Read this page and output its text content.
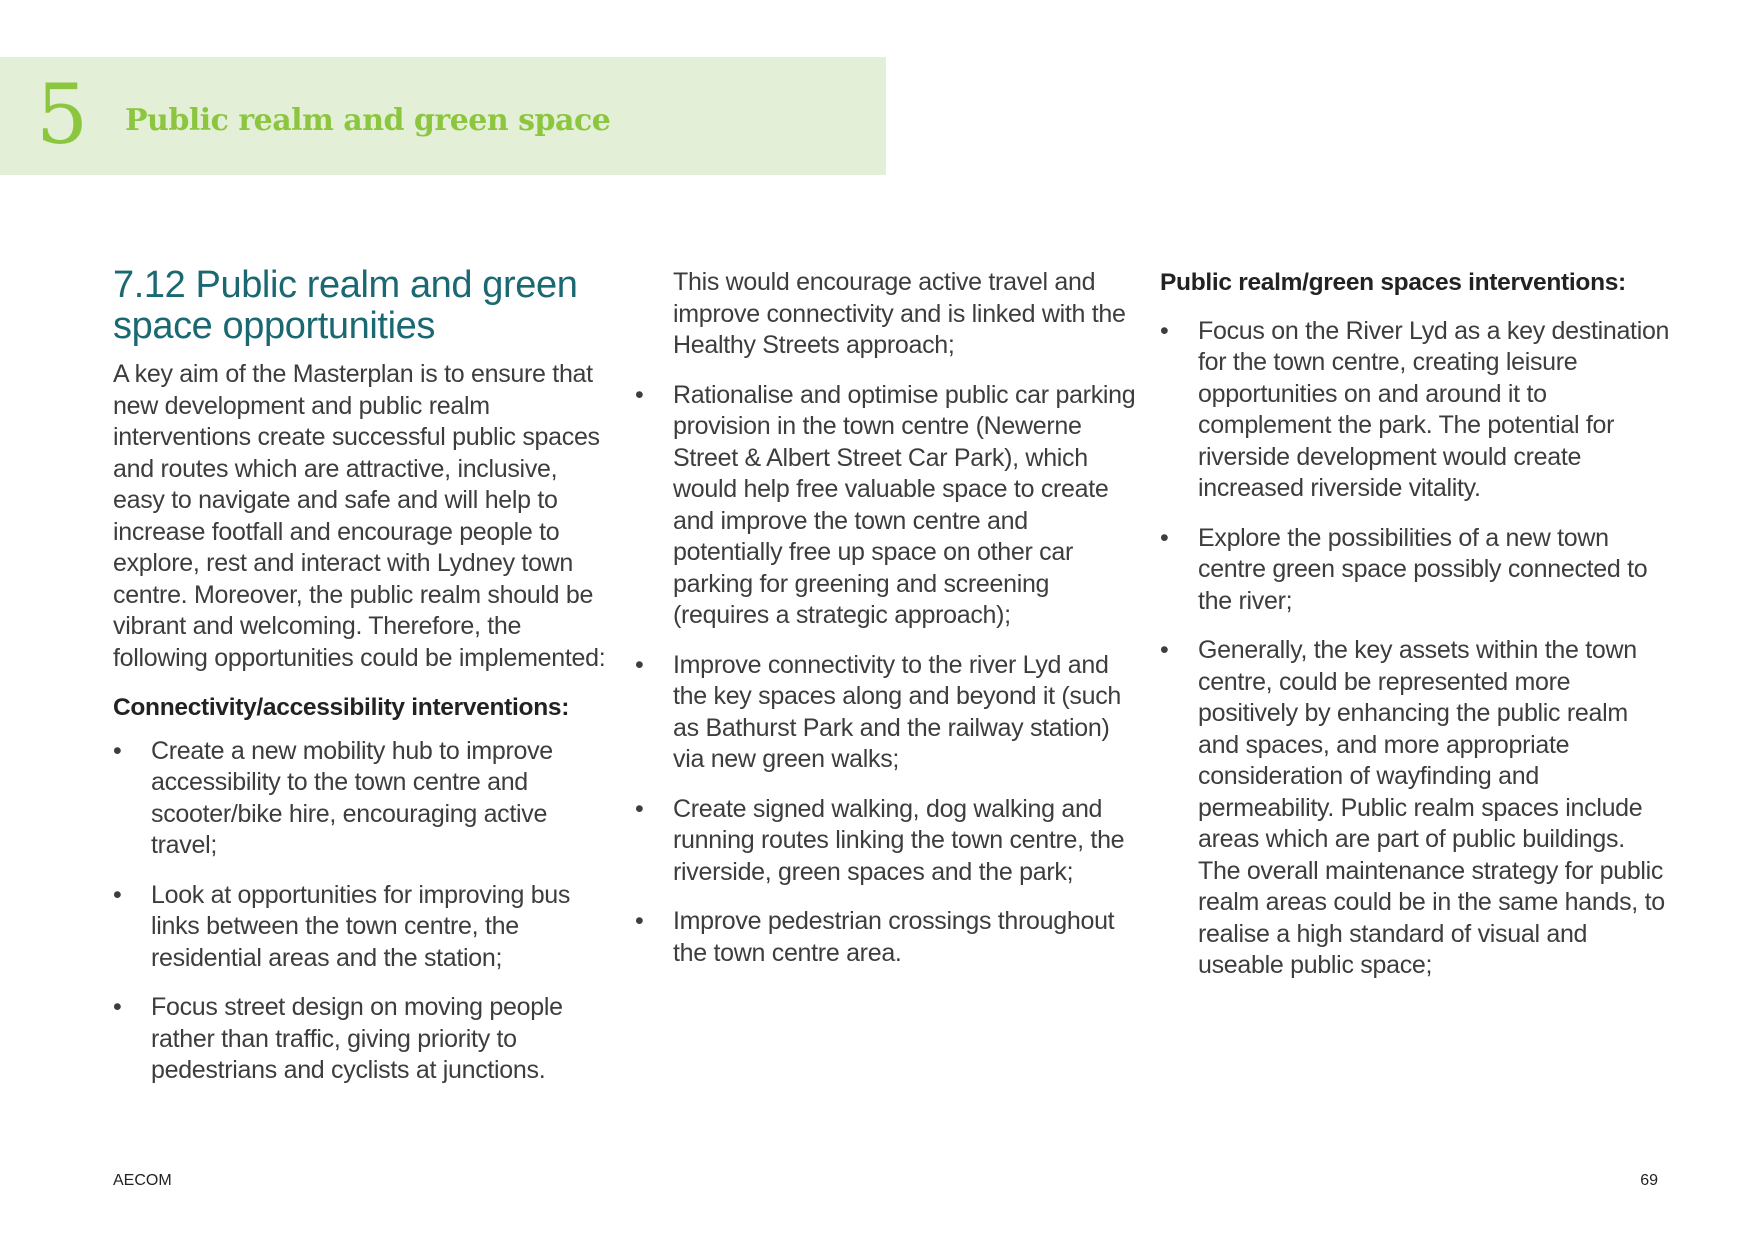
5 Public realm and green space
7.12 Public realm and green space opportunities

A key aim of the Masterplan is to ensure that new development and public realm interventions create successful public spaces and routes which are attractive, inclusive, easy to navigate and safe and will help to increase footfall and encourage people to explore, rest and interact with Lydney town centre. Moreover, the public realm should be vibrant and welcoming. Therefore, the following opportunities could be implemented:

Connectivity/accessibility interventions:

• Create a new mobility hub to improve accessibility to the town centre and scooter/bike hire, encouraging active travel;
• Look at opportunities for improving bus links between the town centre, the residential areas and the station;
• Focus street design on moving people rather than traffic, giving priority to pedestrians and cyclists at junctions.

This would encourage active travel and improve connectivity and is linked with the Healthy Streets approach;

• Rationalise and optimise public car parking provision in the town centre (Newerne Street & Albert Street Car Park), which would help free valuable space to create and improve the town centre and potentially free up space on other car parking for greening and screening (requires a strategic approach);
• Improve connectivity to the river Lyd and the key spaces along and beyond it (such as Bathurst Park and the railway station) via new green walks;
• Create signed walking, dog walking and running routes linking the town centre, the riverside, green spaces and the park;
• Improve pedestrian crossings throughout the town centre area.

Public realm/green spaces interventions:

• Focus on the River Lyd as a key destination for the town centre, creating leisure opportunities on and around it to complement the park. The potential for riverside development would create increased riverside vitality.
• Explore the possibilities of a new town centre green space possibly connected to the river;
• Generally, the key assets within the town centre, could be represented more positively by enhancing the public realm and spaces, and more appropriate consideration of wayfinding and permeability. Public realm spaces include areas which are part of public buildings. The overall maintenance strategy for public realm areas could be in the same hands, to realise a high standard of visual and useable public space;
AECOM	69
